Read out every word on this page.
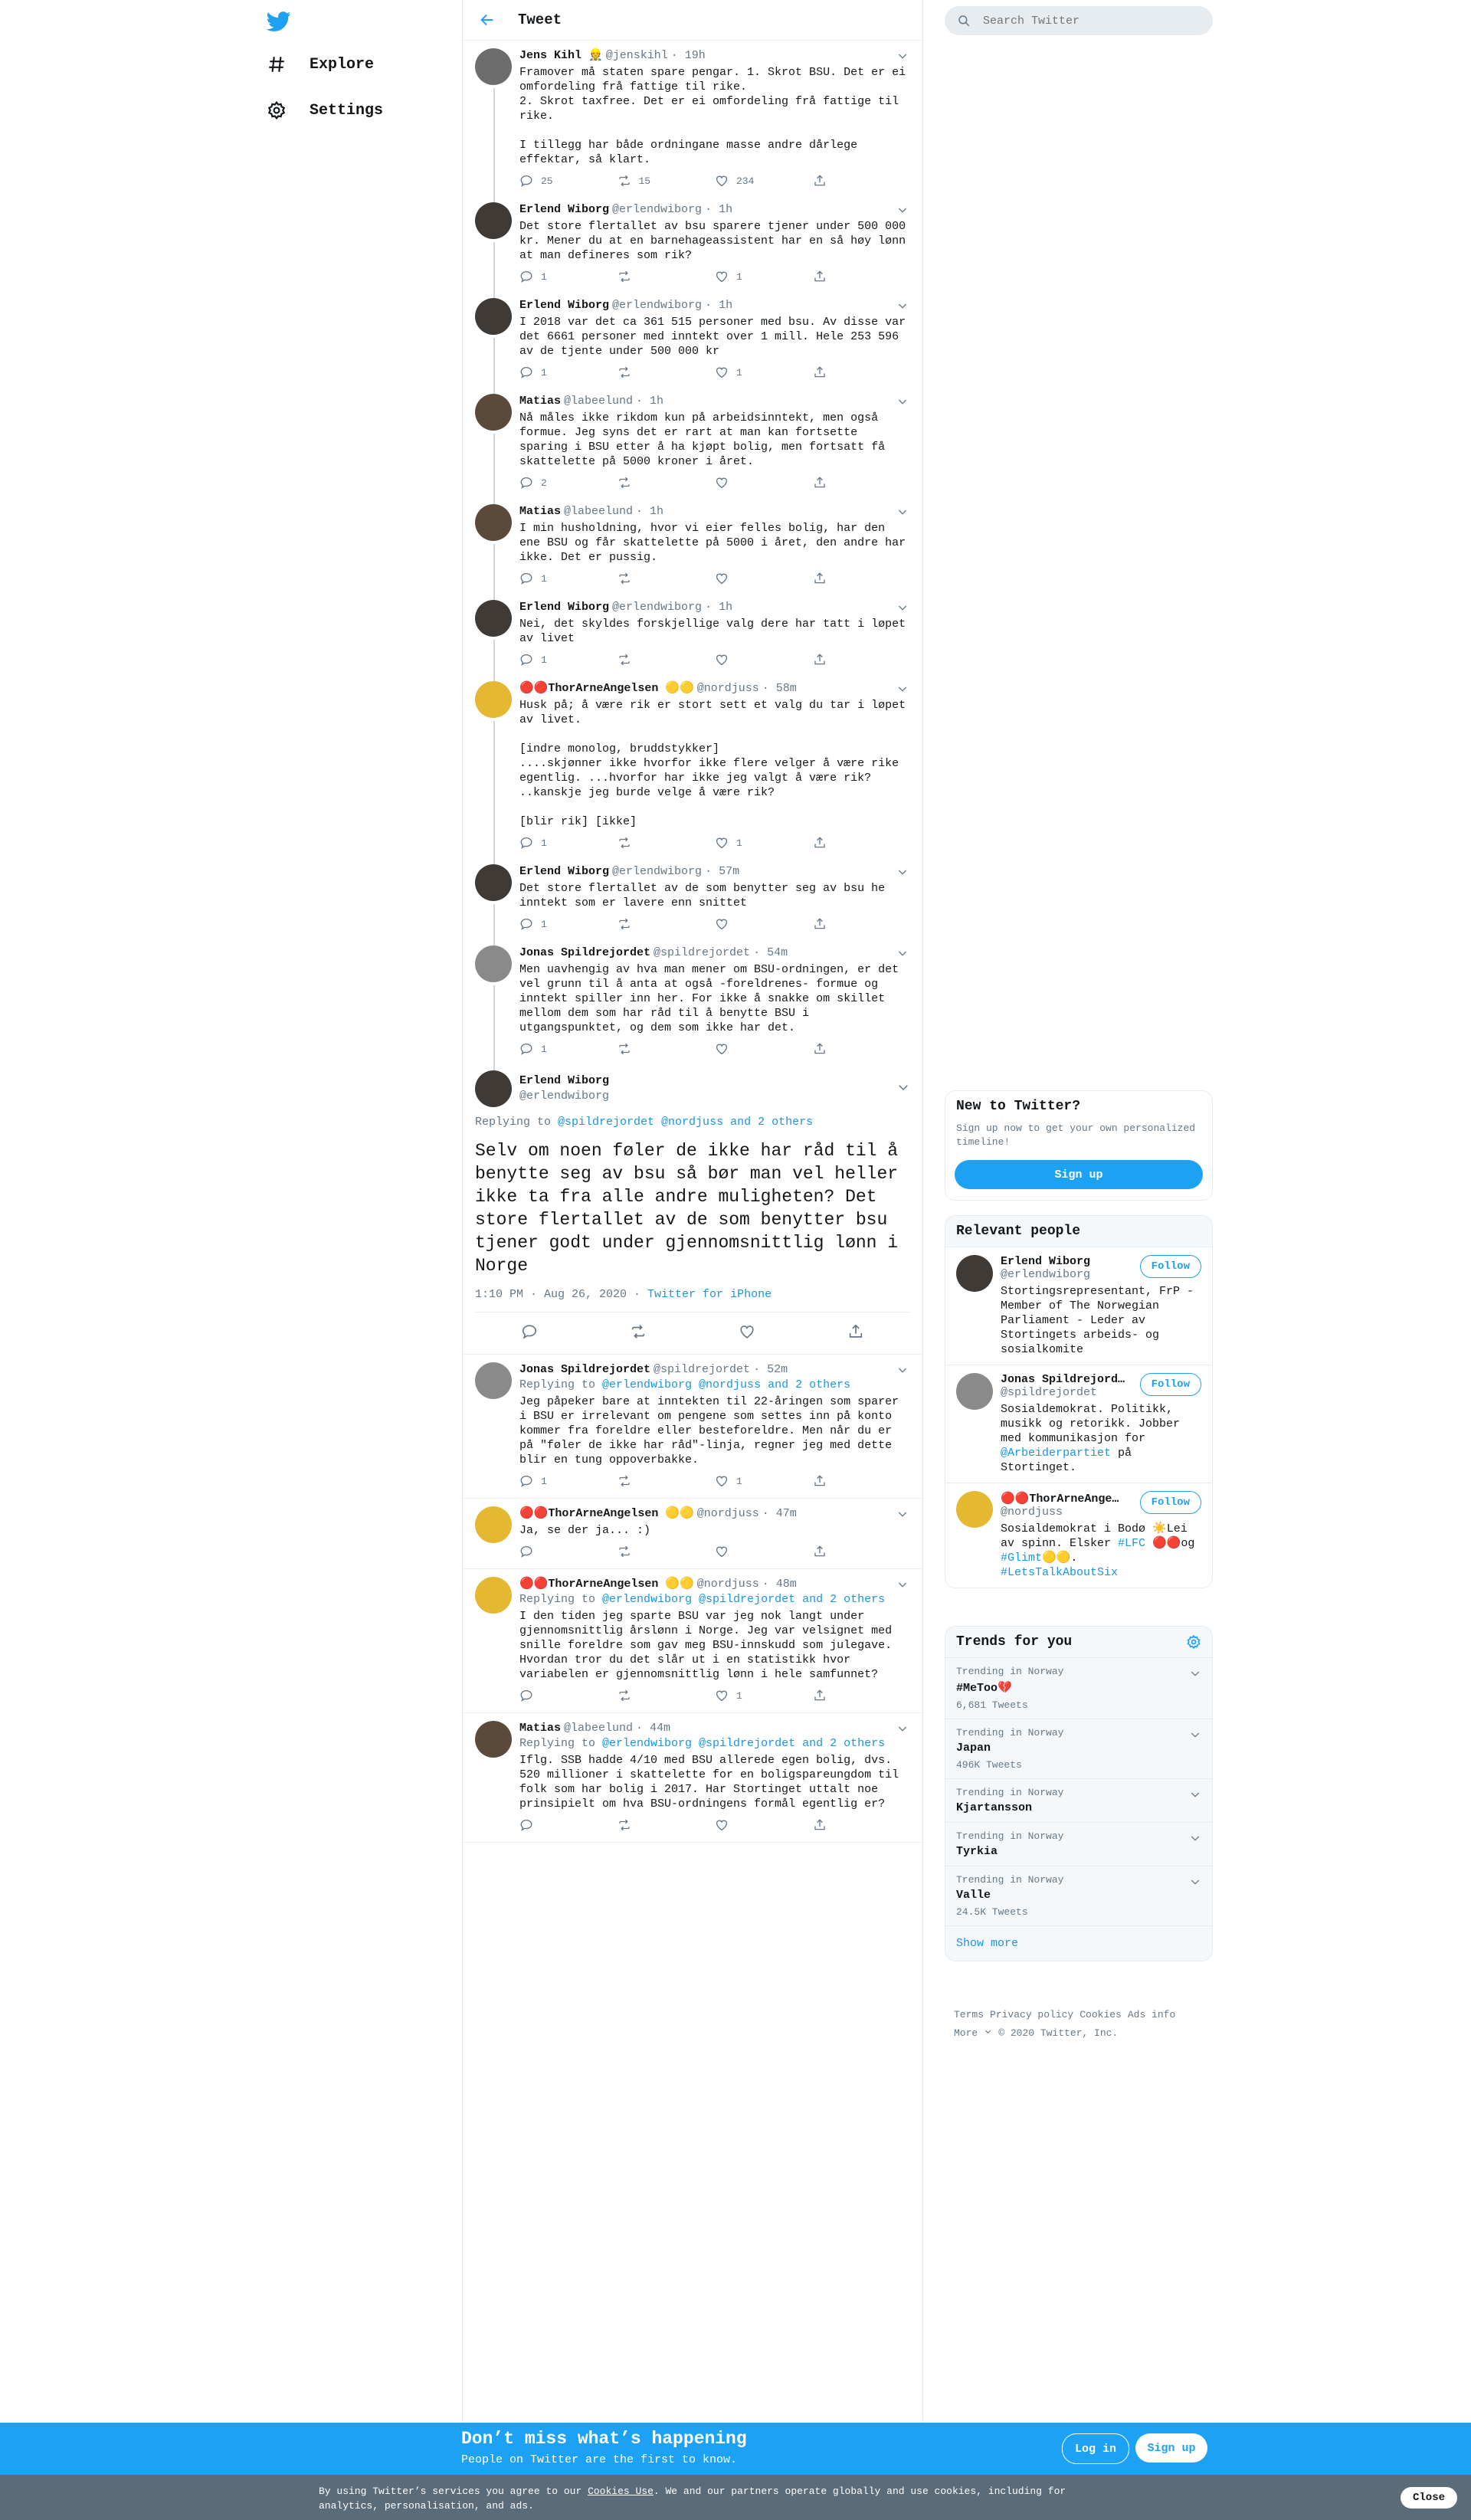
Explore
Settings
Tweet
Jens Kihl 👷 @jenskihl · 19h
Framover må staten spare pengar. 1. Skrot BSU. Det er ei omfordeling frå fattige til rike.
2. Skrot taxfree. Det er ei omfordeling frå fattige til rike.

I tillegg har både ordningane masse andre dårlege effektar, så klart.
25	15	234
Erlend Wiborg @erlendwiborg · 1h
Det store flertallet av bsu sparere tjener under 500 000 kr. Mener du at en barnehageassistent har en så høy lønn at man defineres som rik?
1	1
Erlend Wiborg @erlendwiborg · 1h
I 2018 var det ca 361 515 personer med bsu. Av disse var det 6661 personer med inntekt over 1 mill. Hele 253 596 av de tjente under 500 000 kr
1	1
Matias @labeelund · 1h
Nå måles ikke rikdom kun på arbeidsinntekt, men også formue. Jeg syns det er rart at man kan fortsette sparing i BSU etter å ha kjøpt bolig, men fortsatt få skattelette på 5000 kroner i året.
2
Matias @labeelund · 1h
I min husholdning, hvor vi eier felles bolig, har den ene BSU og får skattelette på 5000 i året, den andre har ikke. Det er pussig.
1
Erlend Wiborg @erlendwiborg · 1h
Nei, det skyldes forskjellige valg dere har tatt i løpet av livet
1
🔴🔴ThorArneAngelsen 🟡🟡 @nordjuss · 58m
Husk på; å være rik er stort sett et valg du tar i løpet av livet.

[indre monolog, bruddstykker]
....skjønner ikke hvorfor ikke flere velger å være rike egentlig. ...hvorfor har ikke jeg valgt å være rik? ..kanskje jeg burde velge å være rik?

[blir rik] [ikke]
1	1
Erlend Wiborg @erlendwiborg · 57m
Det store flertallet av de som benytter seg av bsu he inntekt som er lavere enn snittet
1
Jonas Spildrejordet @spildrejordet · 54m
Men uavhengig av hva man mener om BSU-ordningen, er det vel grunn til å anta at også -foreldrenes- formue og inntekt spiller inn her. For ikke å snakke om skillet mellom dem som har råd til å benytte BSU i utgangspunktet, og dem som ikke har det.
1
Erlend Wiborg
@erlendwiborg
Replying to @spildrejordet @nordjuss and 2 others
Selv om noen føler de ikke har råd til å benytte seg av bsu så bør man vel heller ikke ta fra alle andre muligheten? Det store flertallet av de som benytter bsu tjener godt under gjennomsnittlig lønn i Norge
1:10 PM · Aug 26, 2020 · Twitter for iPhone
Jonas Spildrejordet @spildrejordet · 52m
Replying to @erlendwiborg @nordjuss and 2 others
Jeg påpeker bare at inntekten til 22-åringen som sparer i BSU er irrelevant om pengene som settes inn på konto kommer fra foreldre eller besteforeldre. Men når du er på "føler de ikke har råd"-linja, regner jeg med dette blir en tung oppoverbakke.
1	1
🔴🔴ThorArneAngelsen 🟡🟡 @nordjuss · 47m
Ja, se der ja... :)
🔴🔴ThorArneAngelsen 🟡🟡 @nordjuss · 48m
Replying to @erlendwiborg @spildrejordet and 2 others
I den tiden jeg sparte BSU var jeg nok langt under gjennomsnittlig årslønn i Norge. Jeg var velsignet med snille foreldre som gav meg BSU-innskudd som julegave. Hvordan tror du det slår ut i en statistikk hvor variabelen er gjennomsnittlig lønn i hele samfunnet?
1
Matias @labeelund · 44m
Replying to @erlendwiborg @spildrejordet and 2 others
Iflg. SSB hadde 4/10 med BSU allerede egen bolig, dvs. 520 millioner i skattelette for en boligspareungdom til folk som har bolig i 2017. Har Stortinget uttalt noe prinsipielt om hva BSU-ordningens formål egentlig er?
Search Twitter
New to Twitter?
Sign up now to get your own personalized timeline!
Sign up
Relevant people
Erlend Wiborg
@erlendwiborg
Follow
Stortingsrepresentant, FrP - Member of The Norwegian Parliament - Leder av Stortingets arbeids- og sosialkomite
Jonas Spildrejord…
@spildrejordet
Follow
Sosialdemokrat. Politikk, musikk og retorikk. Jobber med kommunikasjon for @Arbeiderpartiet på Stortinget.
🔴🔴ThorArneAnge…
@nordjuss
Follow
Sosialdemokrat i Bodø ☀️Lei av spinn. Elsker #LFC 🔴🔴og #Glimt🟡🟡. #LetsTalkAboutSix
Trends for you
Trending in Norway
#MeToo💔
6,681 Tweets
Trending in Norway
Japan
496K Tweets
Trending in Norway
Kjartansson
Trending in Norway
Tyrkia
Trending in Norway
Valle
24.5K Tweets
Show more
Terms Privacy policy Cookies Ads info
More © 2020 Twitter, Inc.
Don’t miss what’s happening
People on Twitter are the first to know.
Log in	Sign up
By using Twitter’s services you agree to our Cookies Use. We and our partners operate globally and use cookies, including for analytics, personalisation, and ads.
Close
